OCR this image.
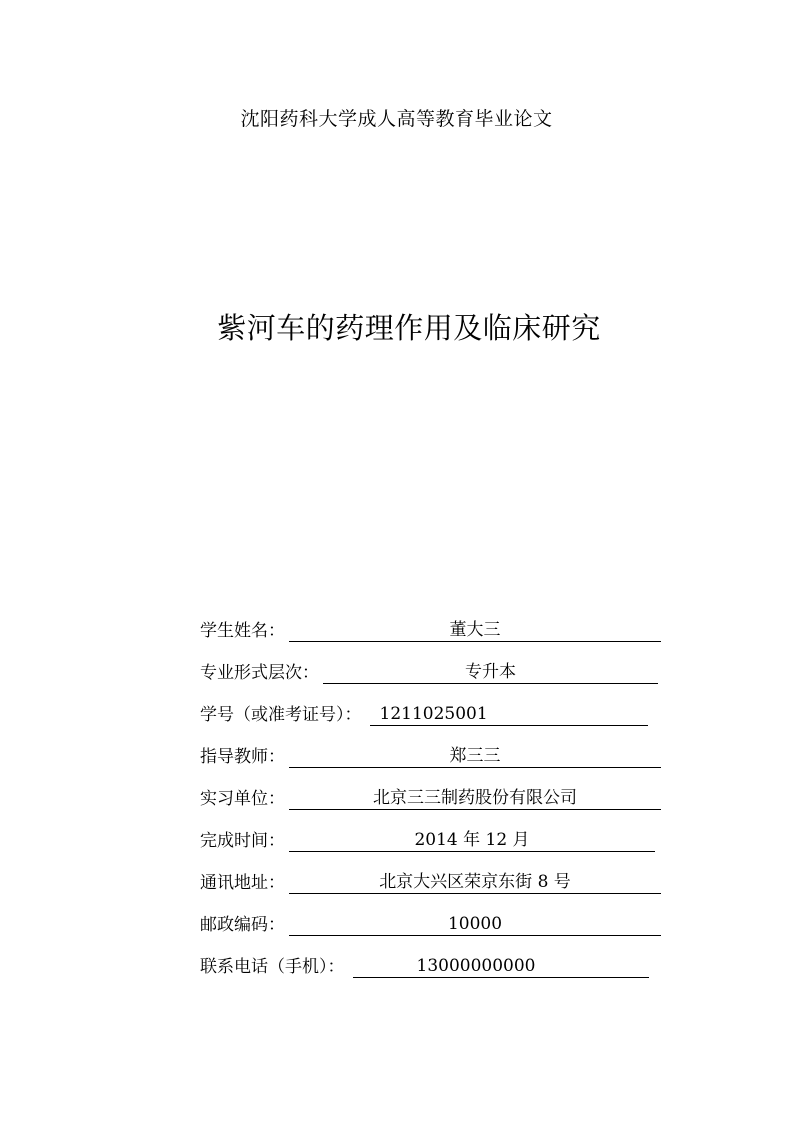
沈阳药科大学成人高等教育毕业论文
紫河车的药理作用及临床研究
学生姓名：	董大三
专业形式层次：	专升本
学号（或准考证号）：	1211025001
指导教师：	郑三三
实习单位：	北京三三制药股份有限公司
完成时间：	2014 年 12 月
通讯地址：	北京大兴区荣京东街 8 号
邮政编码：	10000
联系电话（手机）：	13000000000
